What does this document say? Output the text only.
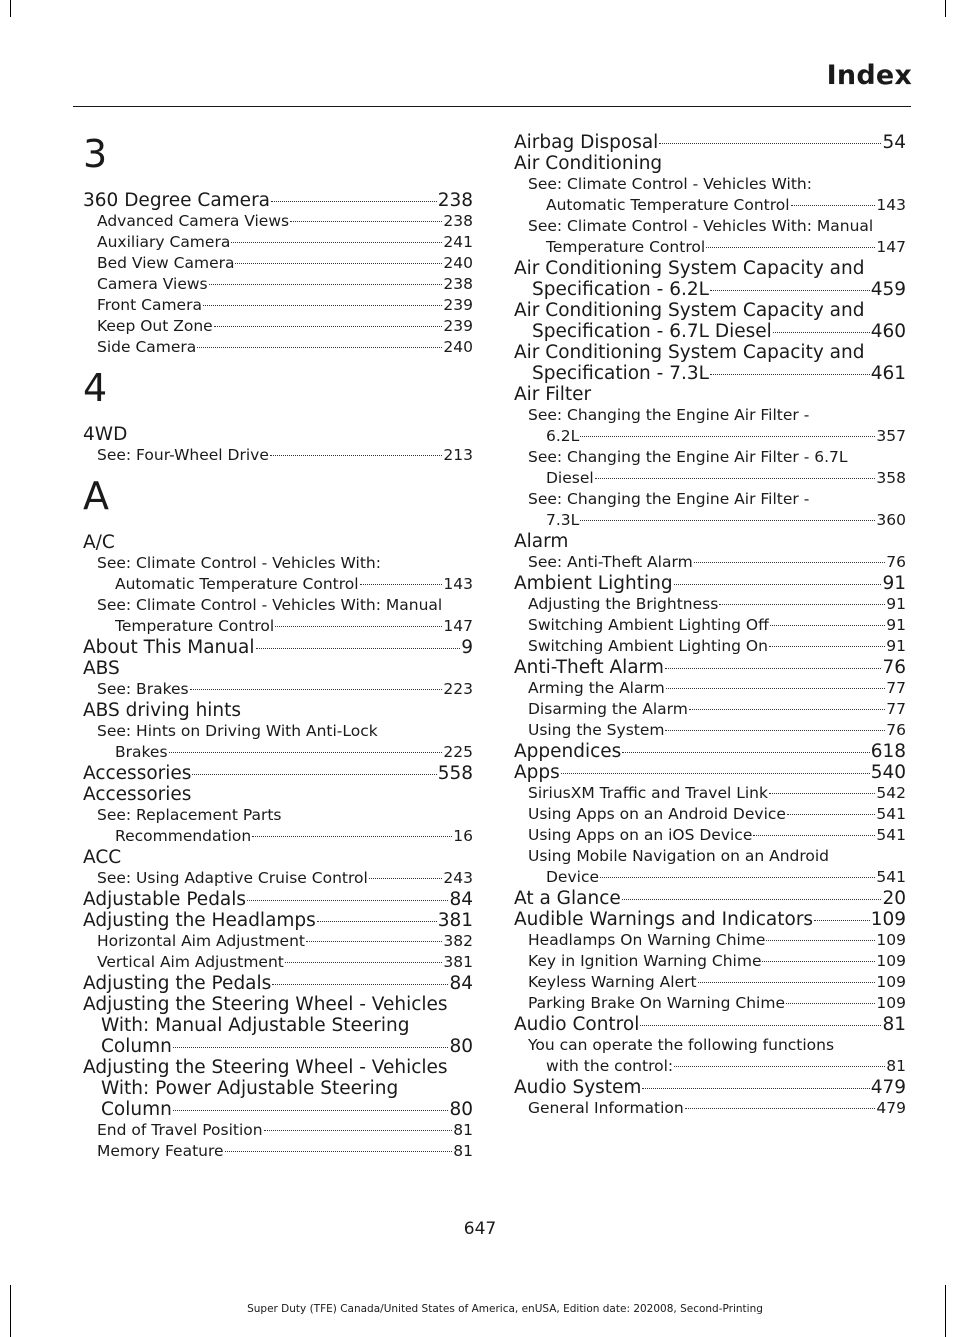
Index
3
360 Degree Camera	238
Advanced Camera Views	238
Auxiliary Camera	241
Bed View Camera	240
Camera Views	238
Front Camera	239
Keep Out Zone	239
Side Camera	240
4
4WD
See: Four-Wheel Drive	213
A
A/C
See: Climate Control - Vehicles With:
Automatic Temperature Control	143
See: Climate Control - Vehicles With: Manual
Temperature Control	147
About This Manual	9
ABS
See: Brakes	223
ABS driving hints
See: Hints on Driving With Anti-Lock
Brakes	225
Accessories	558
Accessories
See: Replacement Parts
Recommendation	16
ACC
See: Using Adaptive Cruise Control	243
Adjustable Pedals	84
Adjusting the Headlamps	381
Horizontal Aim Adjustment	382
Vertical Aim Adjustment	381
Adjusting the Pedals	84
Adjusting the Steering Wheel - Vehicles
With: Manual Adjustable Steering
Column	80
Adjusting the Steering Wheel - Vehicles
With: Power Adjustable Steering
Column	80
End of Travel Position	81
Memory Feature	81
Airbag Disposal	54
Air Conditioning
See: Climate Control - Vehicles With:
Automatic Temperature Control	143
See: Climate Control - Vehicles With: Manual
Temperature Control	147
Air Conditioning System Capacity and
Specification - 6.2L	459
Air Conditioning System Capacity and
Specification - 6.7L Diesel	460
Air Conditioning System Capacity and
Specification - 7.3L	461
Air Filter
See: Changing the Engine Air Filter -
6.2L	357
See: Changing the Engine Air Filter - 6.7L
Diesel	358
See: Changing the Engine Air Filter -
7.3L	360
Alarm
See: Anti-Theft Alarm	76
Ambient Lighting	91
Adjusting the Brightness	91
Switching Ambient Lighting Off	91
Switching Ambient Lighting On	91
Anti-Theft Alarm	76
Arming the Alarm	77
Disarming the Alarm	77
Using the System	76
Appendices	618
Apps	540
SiriusXM Traffic and Travel Link	542
Using Apps on an Android Device	541
Using Apps on an iOS Device	541
Using Mobile Navigation on an Android
Device	541
At a Glance	20
Audible Warnings and Indicators	109
Headlamps On Warning Chime	109
Key in Ignition Warning Chime	109
Keyless Warning Alert	109
Parking Brake On Warning Chime	109
Audio Control	81
You can operate the following functions
with the control:	81
Audio System	479
General Information	479
647
Super Duty (TFE) Canada/United States of America, enUSA, Edition date: 202008, Second-Printing
